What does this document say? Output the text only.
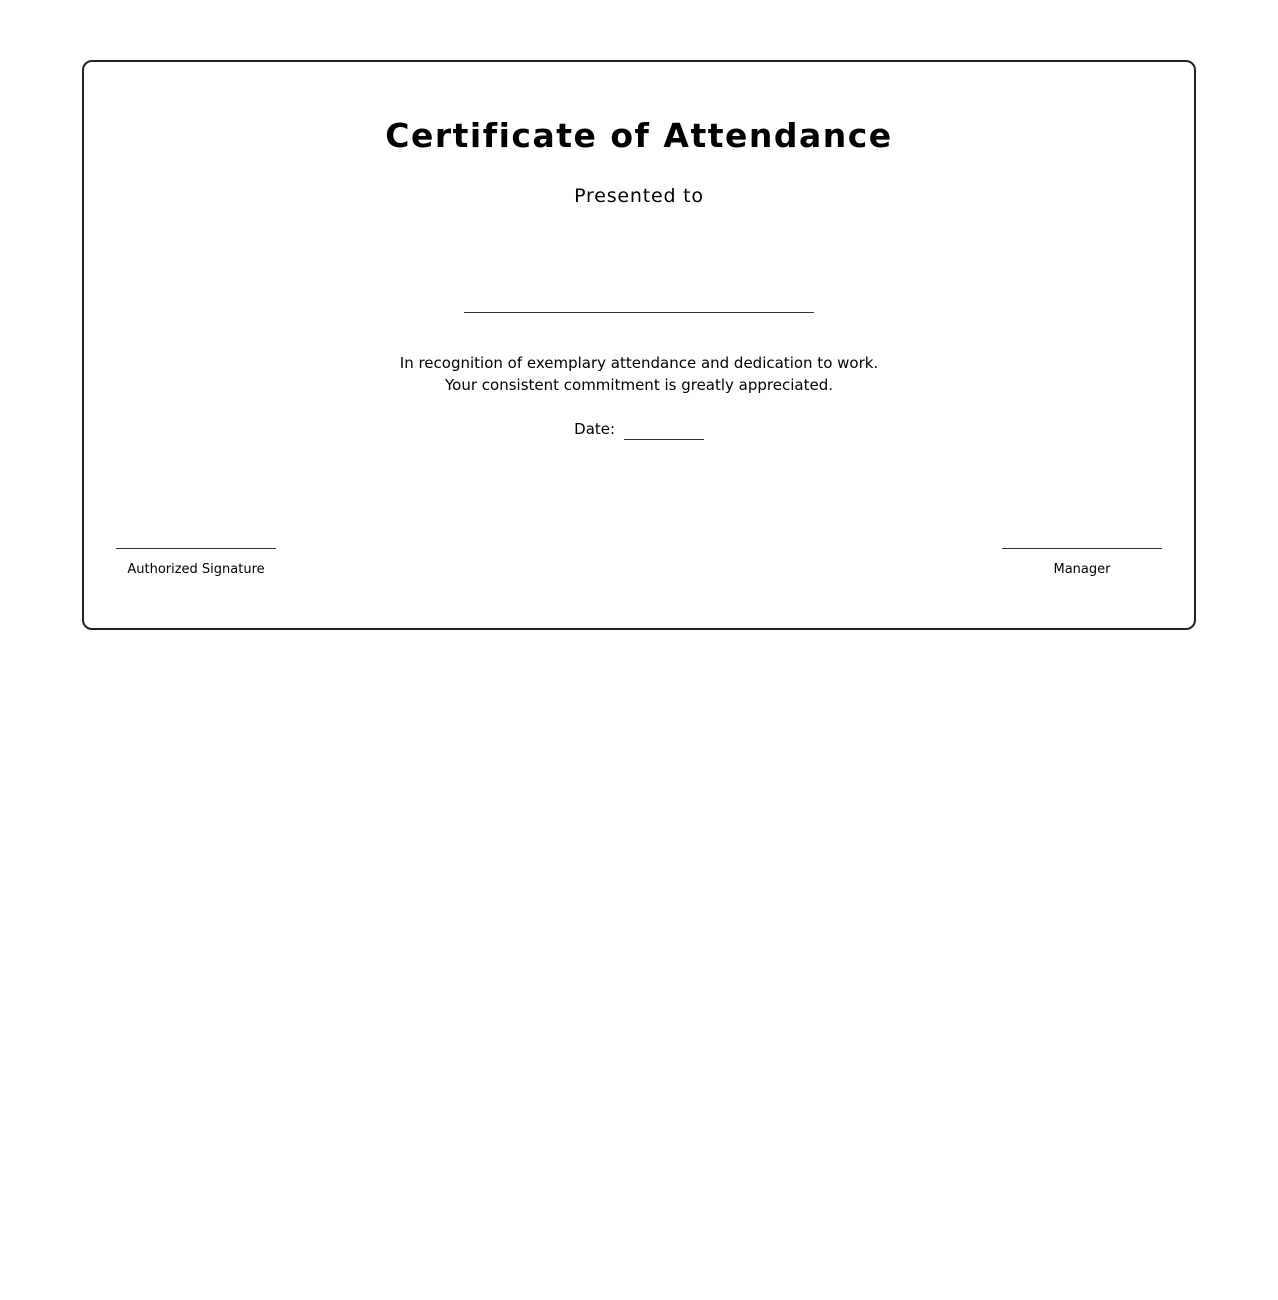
Certificate of Attendance
Presented to
In recognition of exemplary attendance and dedication to work.
Your consistent commitment is greatly appreciated.
Date:
Authorized Signature	Manager
